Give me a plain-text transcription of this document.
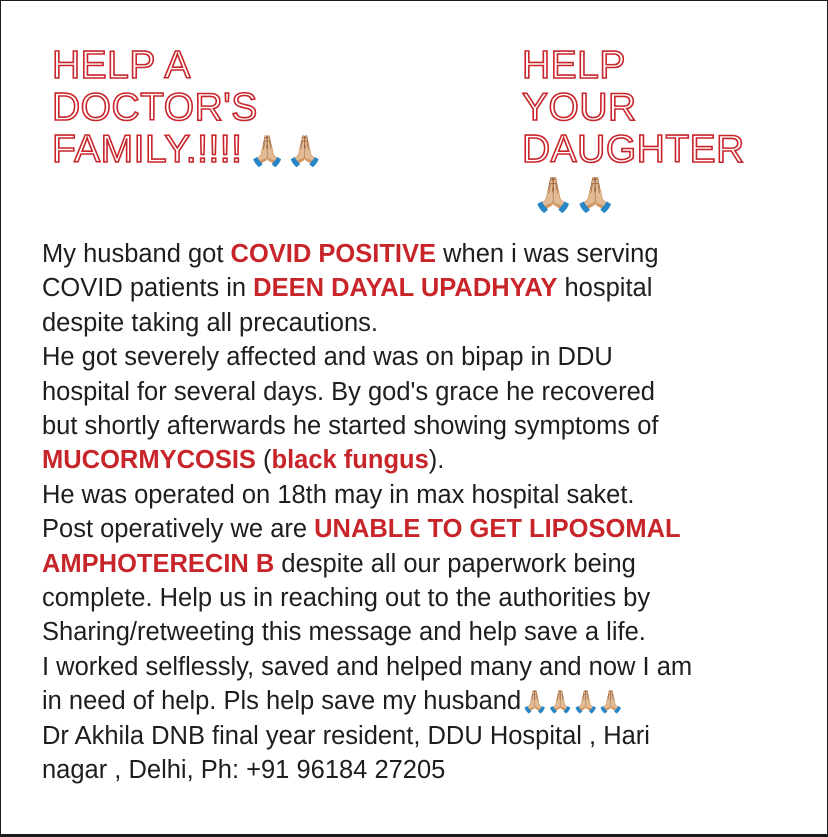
HELP A
DOCTOR'S
FAMILY.!!!! 🙏🏼🙏🏼
HELP
YOUR
DAUGHTER
🙏🏼🙏🏼
My husband got COVID POSITIVE when i was serving
COVID patients in DEEN DAYAL UPADHYAY hospital
despite taking all precautions.
He got severely affected and was on bipap in DDU
hospital for several days. By god's grace he recovered
but shortly afterwards he started showing symptoms of
MUCORMYCOSIS (black fungus).
He was operated on 18th may in max hospital saket.
Post operatively we are UNABLE TO GET LIPOSOMAL
AMPHOTERECIN B despite all our paperwork being
complete. Help us in reaching out to the authorities by
Sharing/retweeting this message and help save a life.
I worked selflessly, saved and helped many and now I am
in need of help. Pls help save my husband🙏🏼🙏🏼🙏🏼🙏🏼
Dr Akhila DNB final year resident, DDU Hospital , Hari
nagar , Delhi, Ph: +91 96184 27205
